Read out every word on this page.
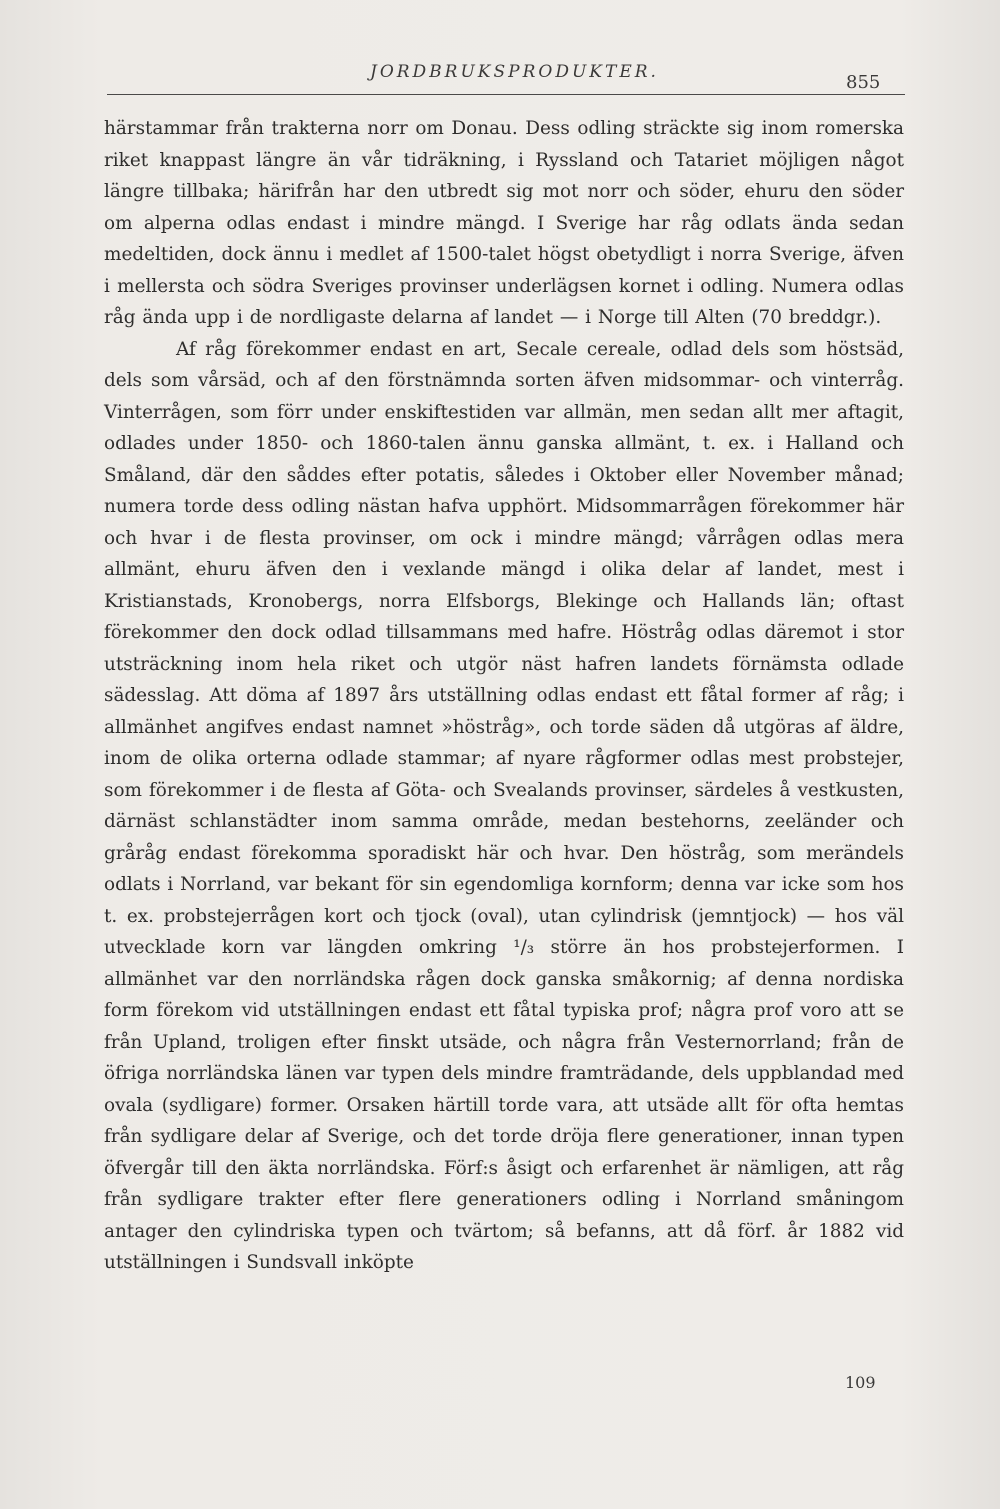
JORDBRUKSPRODUKTER.	855

härstammar från trakterna norr om Donau. Dess odling sträckte sig inom romerska riket knappast längre än vår tidräkning, i Ryssland och Tatariet möjligen något längre tillbaka; härifrån har den utbredt sig mot norr och söder, ehuru den söder om alperna odlas endast i mindre mängd. I Sverige har råg odlats ända sedan medeltiden, dock ännu i medlet af 1500-talet högst obetydligt i norra Sverige, äfven i mellersta och södra Sveriges provinser underlägsen kornet i odling. Numera odlas råg ända upp i de nordligaste delarna af landet — i Norge till Alten (70 breddgr.).

Af råg förekommer endast en art, Secale cereale, odlad dels som höstsäd, dels som vårsäd, och af den förstnämnda sorten äfven midsommar- och vinterråg. Vinterrågen, som förr under enskiftestiden var allmän, men sedan allt mer aftagit, odlades under 1850- och 1860-talen ännu ganska allmänt, t. ex. i Halland och Småland, där den såddes efter potatis, således i Oktober eller November månad; numera torde dess odling nästan hafva upphört. Midsommarrågen förekommer här och hvar i de flesta provinser, om ock i mindre mängd; vårrågen odlas mera allmänt, ehuru äfven den i vexlande mängd i olika delar af landet, mest i Kristianstads, Kronobergs, norra Elfsborgs, Blekinge och Hallands län; oftast förekommer den dock odlad tillsammans med hafre. Höstråg odlas däremot i stor utsträckning inom hela riket och utgör näst hafren landets förnämsta odlade sädesslag. Att döma af 1897 års utställning odlas endast ett fåtal former af råg; i allmänhet angifves endast namnet »höstråg», och torde säden då utgöras af äldre, inom de olika orterna odlade stammar; af nyare rågformer odlas mest probstejer, som förekommer i de flesta af Göta- och Svealands provinser, särdeles å vestkusten, därnäst schlanstädter inom samma område, medan bestehorns, zeeländer och gråråg endast förekomma sporadiskt här och hvar. Den höstråg, som merändels odlats i Norrland, var bekant för sin egendomliga kornform; denna var icke som hos t. ex. probstejerrågen kort och tjock (oval), utan cylindrisk (jemntjock) — hos väl utvecklade korn var längden omkring ¹/₃ större än hos probstejerformen. I allmänhet var den norrländska rågen dock ganska småkornig; af denna nordiska form förekom vid utställningen endast ett fåtal typiska prof; några prof voro att se från Upland, troligen efter finskt utsäde, och några från Vesternorrland; från de öfriga norrländska länen var typen dels mindre framträdande, dels uppblandad med ovala (sydligare) former. Orsaken härtill torde vara, att utsäde allt för ofta hemtas från sydligare delar af Sverige, och det torde dröja flere generationer, innan typen öfvergår till den äkta norrländska. Förf:s åsigt och erfarenhet är nämligen, att råg från sydligare trakter efter flere generationers odling i Norrland småningom antager den cylindriska typen och tvärtom; så befanns, att då förf. år 1882 vid utställningen i Sundsvall inköpte

109
